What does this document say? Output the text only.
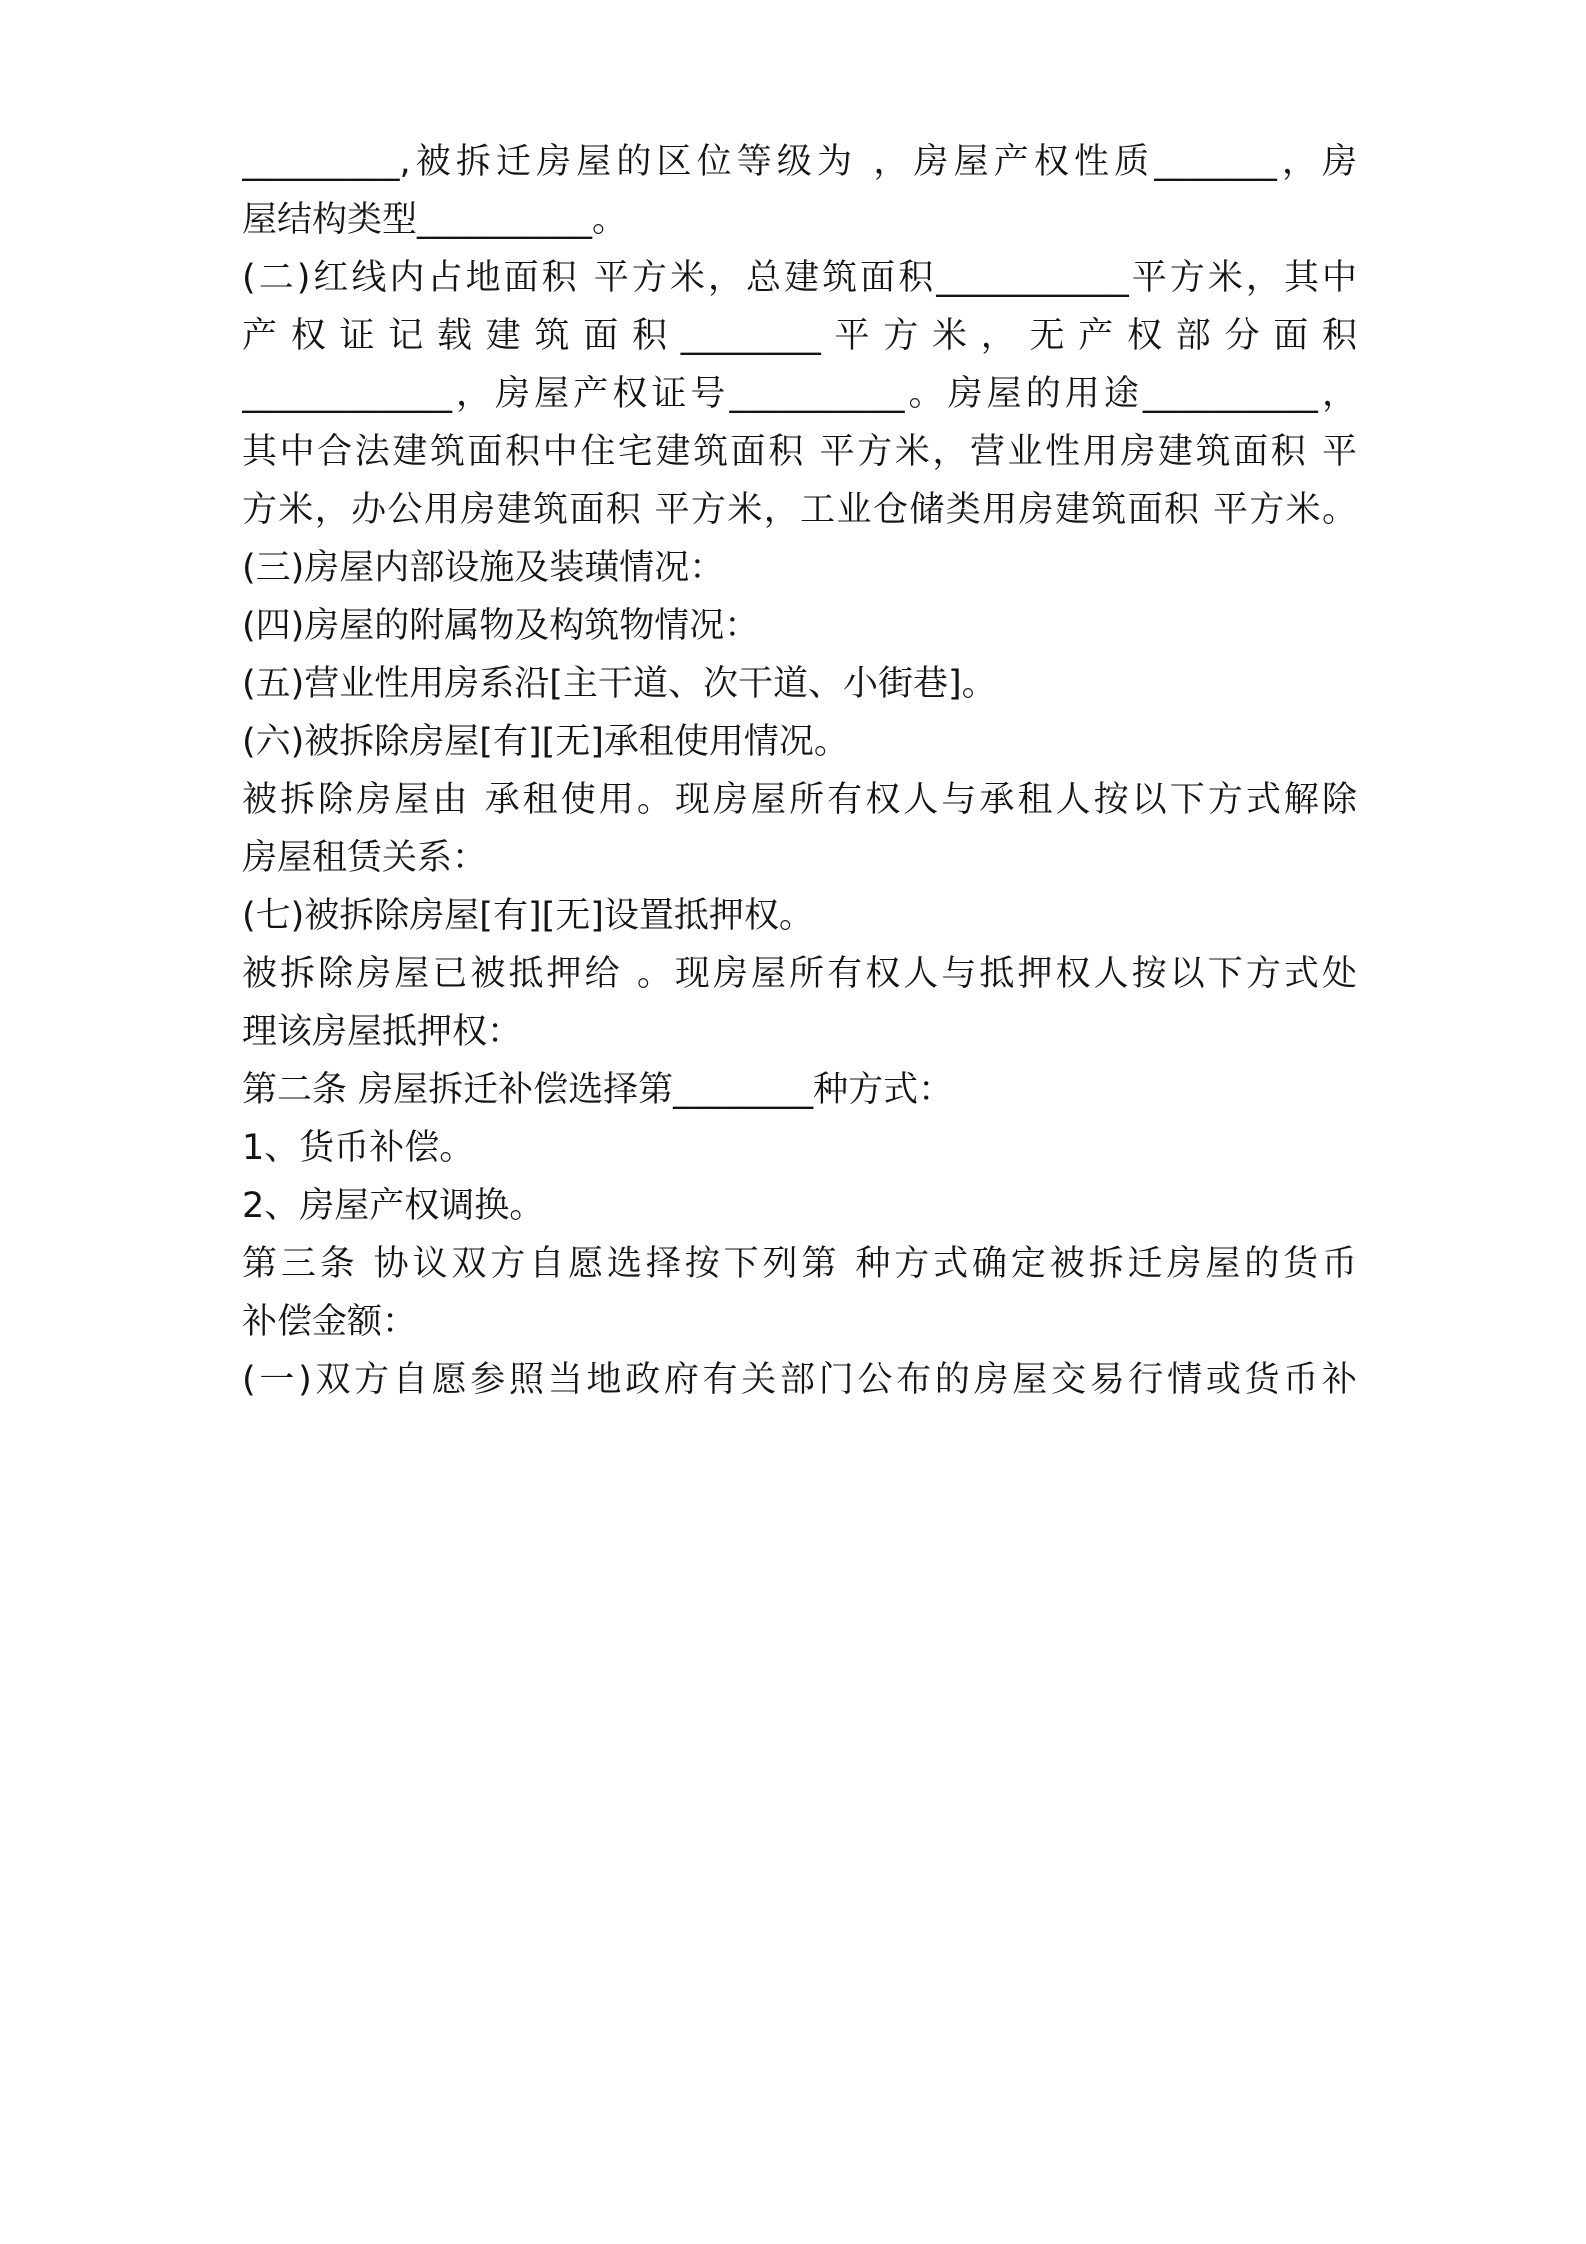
_________,被拆迁房屋的区位等级为 ，房屋产权性质_______，房
屋结构类型__________。
(二)红线内占地面积 平方米，总建筑面积___________平方米，其中
产权证记载建筑面积________平方米，无产权部分面积
____________，房屋产权证号__________。房屋的用途__________，
其中合法建筑面积中住宅建筑面积 平方米，营业性用房建筑面积 平
方米，办公用房建筑面积 平方米，工业仓储类用房建筑面积 平方米。
(三)房屋内部设施及装璜情况：
(四)房屋的附属物及构筑物情况：
(五)营业性用房系沿[主干道、次干道、小街巷]。
(六)被拆除房屋[有][无]承租使用情况。
被拆除房屋由 承租使用。现房屋所有权人与承租人按以下方式解除
房屋租赁关系：
(七)被拆除房屋[有][无]设置抵押权。
被拆除房屋已被抵押给 。现房屋所有权人与抵押权人按以下方式处
理该房屋抵押权：
第二条 房屋拆迁补偿选择第________种方式：
1、货币补偿。
2、房屋产权调换。
第三条 协议双方自愿选择按下列第 种方式确定被拆迁房屋的货币
补偿金额：
(一)双方自愿参照当地政府有关部门公布的房屋交易行情或货币补
